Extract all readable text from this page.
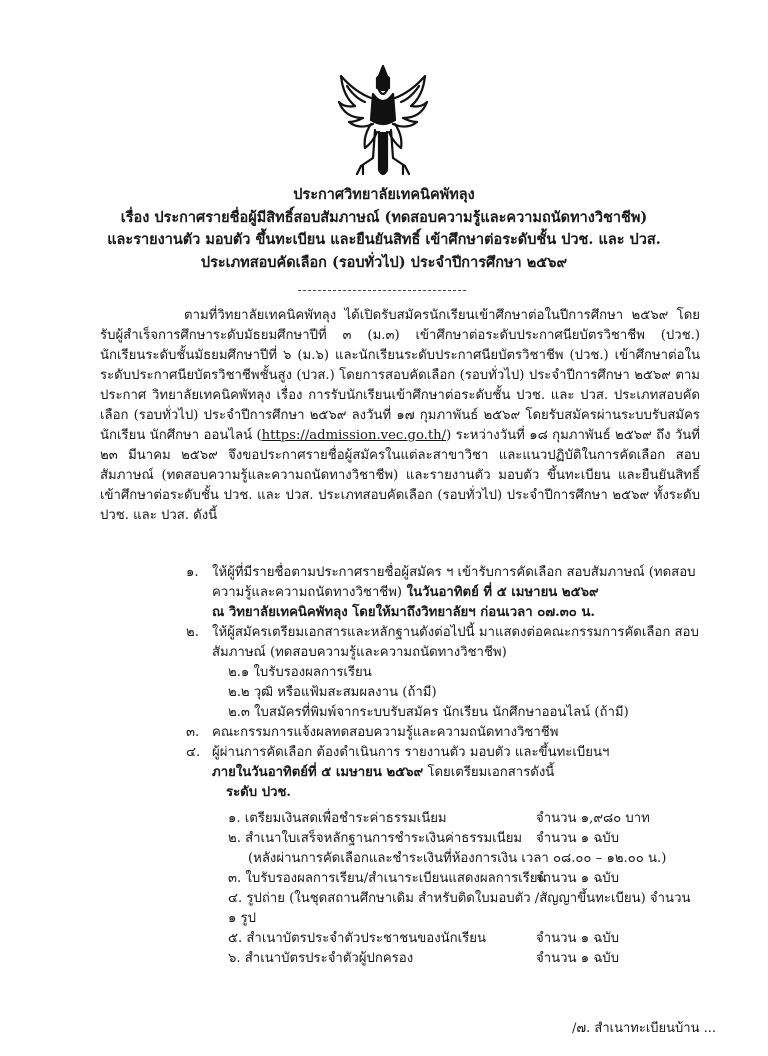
ประกาศวิทยาลัยเทคนิคพัทลุง
เรื่อง ประกาศรายชื่อผู้มีสิทธิ์สอบสัมภาษณ์ (ทดสอบความรู้และความถนัดทางวิชาชีพ)
และรายงานตัว มอบตัว ขึ้นทะเบียน และยืนยันสิทธิ์ เข้าศึกษาต่อระดับชั้น ปวช. และ ปวส.
ประเภทสอบคัดเลือก (รอบทั่วไป) ประจำปีการศึกษา ๒๕๖๙

ตามที่วิทยาลัยเทคนิคพัทลุง ได้เปิดรับสมัครนักเรียนเข้าศึกษาต่อในปีการศึกษา ๒๕๖๙ โดยรับผู้สำเร็จการศึกษาระดับมัธยมศึกษาปีที่ ๓ (ม.๓) เข้าศึกษาต่อระดับประกาศนียบัตรวิชาชีพ (ปวช.) นักเรียนระดับชั้นมัธยมศึกษาปีที่ ๖ (ม.๖) และนักเรียนระดับประกาศนียบัตรวิชาชีพ (ปวช.) เข้าศึกษาต่อในระดับประกาศนียบัตรวิชาชีพชั้นสูง (ปวส.) โดยการสอบคัดเลือก (รอบทั่วไป) ประจำปีการศึกษา ๒๕๖๙ ตามประกาศ วิทยาลัยเทคนิคพัทลุง เรื่อง การรับนักเรียนเข้าศึกษาต่อระดับชั้น ปวช. และ ปวส. ประเภทสอบคัดเลือก (รอบทั่วไป) ประจำปีการศึกษา ๒๕๖๙ ลงวันที่ ๑๗ กุมภาพันธ์ ๒๕๖๙ โดยรับสมัครผ่านระบบรับสมัครนักเรียน นักศึกษา ออนไลน์ (https://admission.vec.go.th/) ระหว่างวันที่ ๑๘ กุมภาพันธ์ ๒๕๖๙ ถึง วันที่ ๒๓ มีนาคม ๒๕๖๙ จึงขอประกาศรายชื่อผู้สมัครในแต่ละสาขาวิชา และแนวปฏิบัติในการคัดเลือก สอบสัมภาษณ์ (ทดสอบความรู้และความถนัดทางวิชาชีพ) และรายงานตัว มอบตัว ขึ้นทะเบียน และยืนยันสิทธิ์ เข้าศึกษาต่อระดับชั้น ปวช. และ ปวส. ประเภทสอบคัดเลือก (รอบทั่วไป) ประจำปีการศึกษา ๒๕๖๙ ทั้งระดับ ปวช. และ ปวส. ดังนี้

๑. ให้ผู้ที่มีรายชื่อตามประกาศรายชื่อผู้สมัคร ฯ เข้ารับการคัดเลือก สอบสัมภาษณ์ (ทดสอบความรู้และความถนัดทางวิชาชีพ) ในวันอาทิตย์ ที่ ๕ เมษายน ๒๕๖๙
ณ วิทยาลัยเทคนิคพัทลุง โดยให้มาถึงวิทยาลัยฯ ก่อนเวลา ๐๗.๓๐ น.
๒. ให้ผู้สมัครเตรียมเอกสารและหลักฐานดังต่อไปนี้ มาแสดงต่อคณะกรรมการคัดเลือก สอบสัมภาษณ์ (ทดสอบความรู้และความถนัดทางวิชาชีพ)
๒.๑ ใบรับรองผลการเรียน
๒.๒ วุฒิ หรือแฟ้มสะสมผลงาน (ถ้ามี)
๒.๓ ใบสมัครที่พิมพ์จากระบบรับสมัคร นักเรียน นักศึกษาออนไลน์ (ถ้ามี)
๓. คณะกรรมการแจ้งผลทดสอบความรู้และความถนัดทางวิชาชีพ
๔. ผู้ผ่านการคัดเลือก ต้องดำเนินการ รายงานตัว มอบตัว และขึ้นทะเบียนฯ
ภายในวันอาทิตย์ที่ ๕ เมษายน ๒๕๖๙ โดยเตรียมเอกสารดังนี้
ระดับ ปวช.
๑. เตรียมเงินสดเพื่อชำระค่าธรรมเนียม	จำนวน ๑,๙๘๐ บาท
๒. สำเนาใบเสร็จหลักฐานการชำระเงินค่าธรรมเนียม จำนวน ๑ ฉบับ
(หลังผ่านการคัดเลือกและชำระเงินที่ห้องการเงิน เวลา ๐๘.๐๐ – ๑๒.๐๐ น.)
๓. ใบรับรองผลการเรียน/สำเนาระเบียนแสดงผลการเรียน
จำนวน ๑ ฉบับ
๔. รูปถ่าย (ในชุดสถานศึกษาเดิม สำหรับติดใบมอบตัว /สัญญาขึ้นทะเบียน) จำนวน ๑ รูป
๕. สำเนาบัตรประจำตัวประชาชนของนักเรียน	จำนวน ๑ ฉบับ
๖. สำเนาบัตรประจำตัวผู้ปกครอง	จำนวน ๑ ฉบับ
/๗. สำเนาทะเบียนบ้าน ...
